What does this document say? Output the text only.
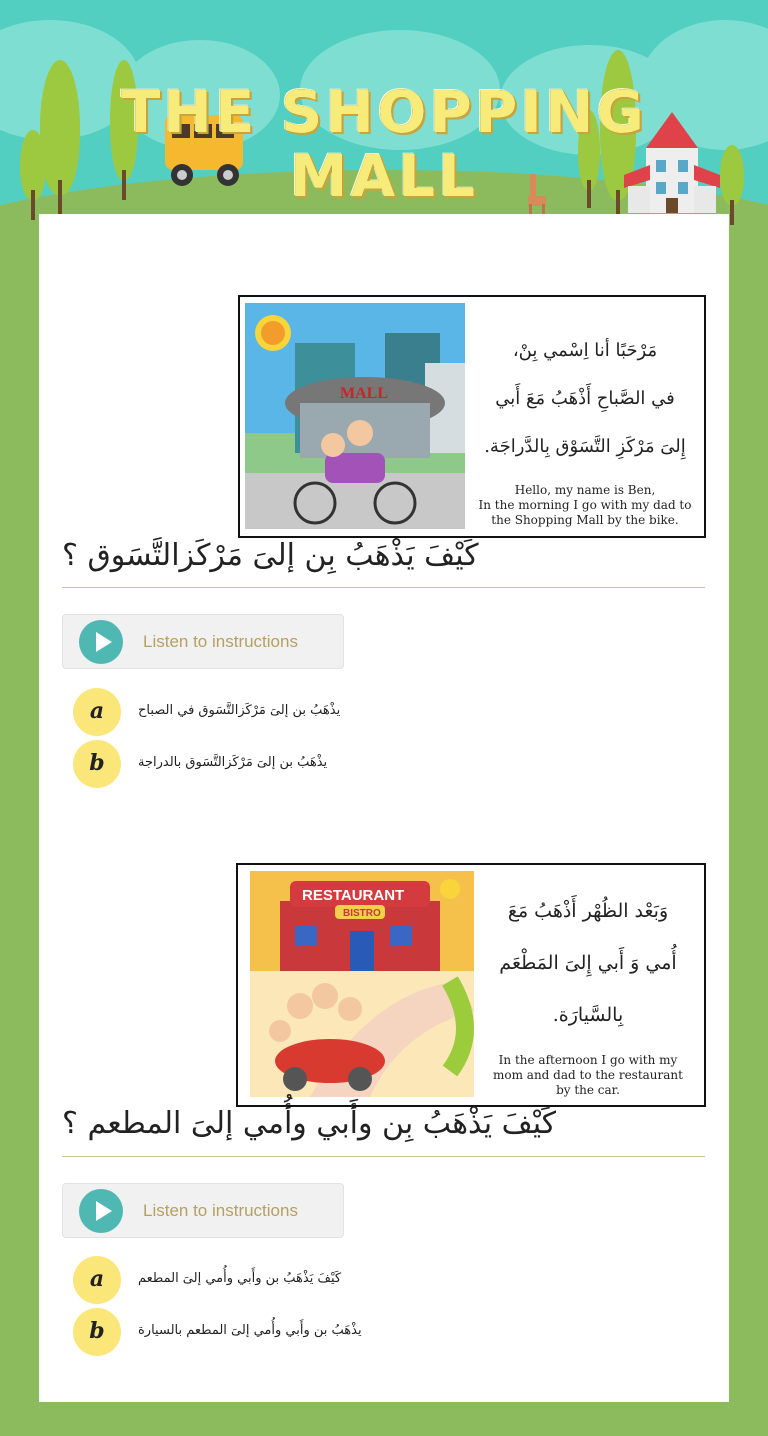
THE SHOPPING
MALL
MALL
مَرْحَبًا أنا اِسْمي بِنْ،
في الصَّباحِ أَذْهَبُ مَعَ أَبي
إِلىَ مَرْكَزِ التَّسَوْق بِالدَّراجَة.
Hello, my name is Ben,
In the morning I go with my dad to
the Shopping Mall by the bike.
كَيْفَ يَذْهَبُ بِن إلىَ مَرْكَزالتَّسَوق ؟
Listen to instructions
a	يذْهَبُ بن إلىَ مَرْكَزالتَّسَوق في الصباح
b	يذْهَبُ بن إلىَ مَرْكَزالتَّسَوق بالدراجة
RESTAURANT
BISTRO	وَبَعْد الظُهْر أَذْهَبُ مَعَ
أُمي وَ أَبي إِلىَ المَطْعَم
بِالسَّيارَة.
In the afternoon I go with my
mom and dad to the restaurant
by the car.
كَيْفَ يَذْهَبُ بِن وأَبي وأُمي إلىَ المطعم ؟
Listen to instructions
a	كَيْفَ يَذْهَبُ بن وأَبي وأُمي إلىَ المطعم
b	يذْهَبُ بن وأَبي وأُمي إلىَ المطعم بالسيارة
